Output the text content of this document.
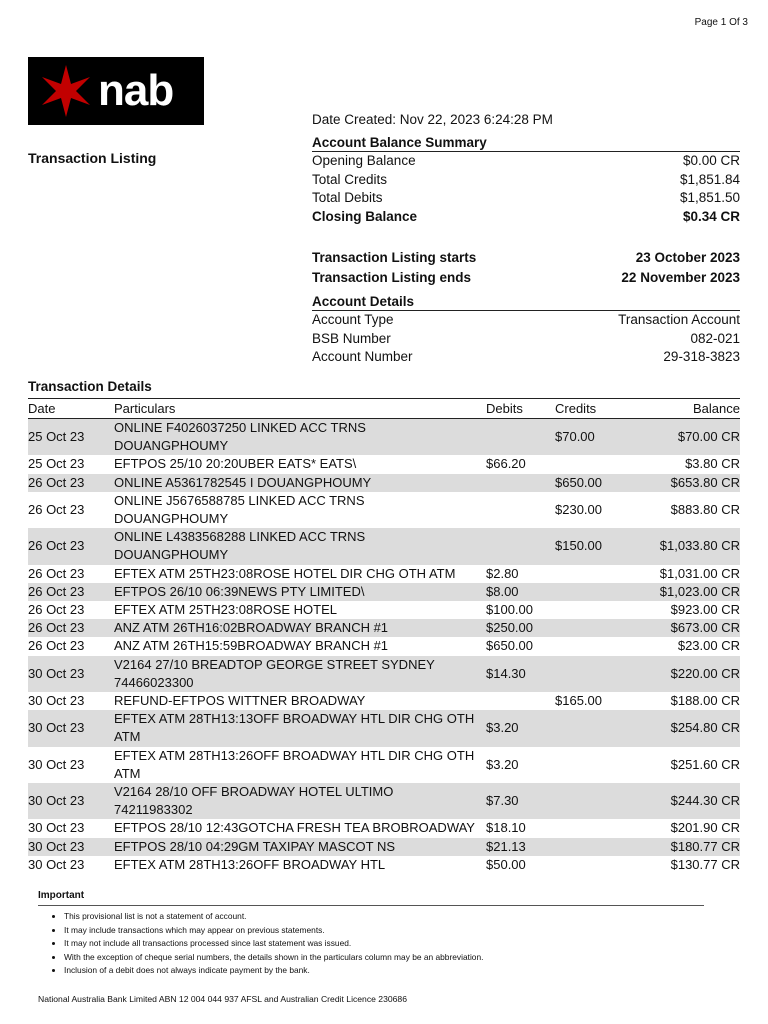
Page 1 Of 3
nab
Transaction Listing
Date Created: Nov 22, 2023 6:24:28 PM
Account Balance Summary
Opening Balance	$0.00 CR
Total Credits	$1,851.84
Total Debits	$1,851.50
Closing Balance	$0.34 CR
Transaction Listing starts	23 October 2023
Transaction Listing ends	22 November 2023
Account Details
Account Type	Transaction Account
BSB Number	082-021
Account Number	29-318-3823
Transaction Details
Date	Particulars	Debits	Credits	Balance
25 Oct 23	ONLINE F4026037250 LINKED ACC TRNS
DOUANGPHOUMY		$70.00	$70.00 CR
25 Oct 23	EFTPOS 25/10 20:20UBER EATS* EATS\	$66.20		$3.80 CR
26 Oct 23	ONLINE A5361782545 I DOUANGPHOUMY		$650.00	$653.80 CR
26 Oct 23	ONLINE J5676588785 LINKED ACC TRNS
DOUANGPHOUMY		$230.00	$883.80 CR
26 Oct 23	ONLINE L4383568288 LINKED ACC TRNS
DOUANGPHOUMY		$150.00	$1,033.80 CR
26 Oct 23	EFTEX ATM 25TH23:08ROSE HOTEL DIR CHG OTH ATM	$2.80		$1,031.00 CR
26 Oct 23	EFTPOS 26/10 06:39NEWS PTY LIMITED\	$8.00		$1,023.00 CR
26 Oct 23	EFTEX ATM 25TH23:08ROSE HOTEL	$100.00		$923.00 CR
26 Oct 23	ANZ ATM 26TH16:02BROADWAY BRANCH #1	$250.00		$673.00 CR
26 Oct 23	ANZ ATM 26TH15:59BROADWAY BRANCH #1	$650.00		$23.00 CR
30 Oct 23	V2164 27/10 BREADTOP GEORGE STREET SYDNEY
74466023300	$14.30		$220.00 CR
30 Oct 23	REFUND-EFTPOS WITTNER BROADWAY		$165.00	$188.00 CR
30 Oct 23	EFTEX ATM 28TH13:13OFF BROADWAY HTL DIR CHG OTH
ATM	$3.20		$254.80 CR
30 Oct 23	EFTEX ATM 28TH13:26OFF BROADWAY HTL DIR CHG OTH
ATM	$3.20		$251.60 CR
30 Oct 23	V2164 28/10 OFF BROADWAY HOTEL ULTIMO
74211983302	$7.30		$244.30 CR
30 Oct 23	EFTPOS 28/10 12:43GOTCHA FRESH TEA BROBROADWAY	$18.10		$201.90 CR
30 Oct 23	EFTPOS 28/10 04:29GM TAXIPAY MASCOT NS	$21.13		$180.77 CR
30 Oct 23	EFTEX ATM 28TH13:26OFF BROADWAY HTL	$50.00		$130.77 CR
Important
• This provisional list is not a statement of account.
• It may include transactions which may appear on previous statements.
• It may not include all transactions processed since last statement was issued.
• With the exception of cheque serial numbers, the details shown in the particulars column may be an abbreviation.
• Inclusion of a debit does not always indicate payment by the bank.
National Australia Bank Limited ABN 12 004 044 937 AFSL and Australian Credit Licence 230686
